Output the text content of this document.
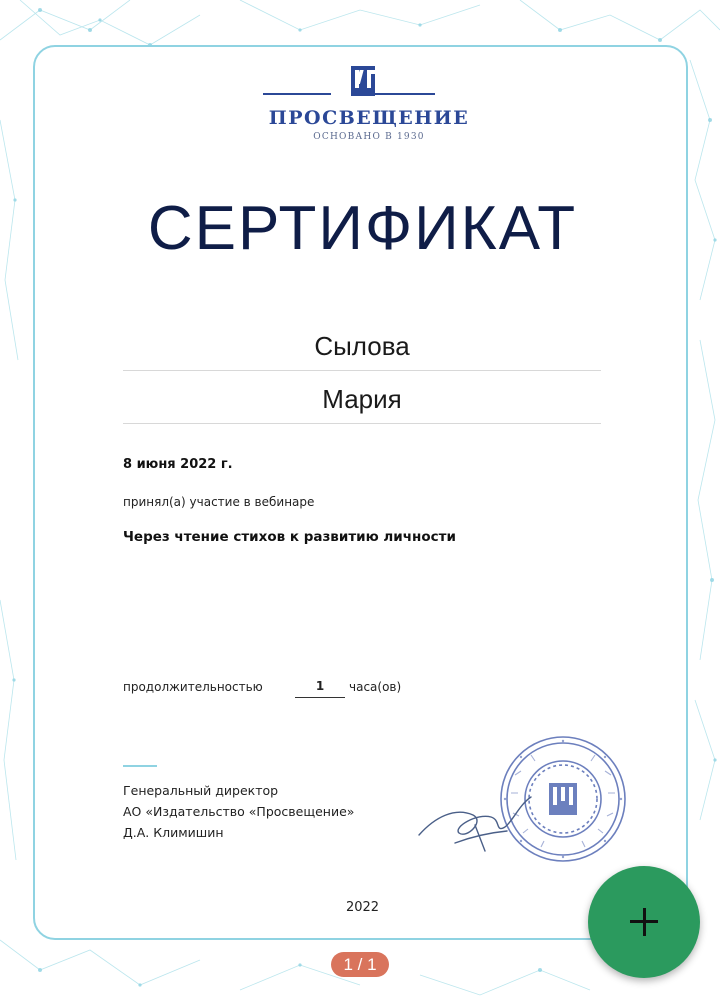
ПРОСВЕЩЕНИЕ
ОСНОВАНО В 1930
СЕРТИФИКАТ
Сылова
Мария
8 июня 2022 г.
принял(а) участие в вебинаре
Через чтение стихов к развитию личности
продолжительностью	1	часа(ов)
Генеральный директор
АО «Издательство «Просвещение»
Д.А. Климишин
2022
1 / 1
